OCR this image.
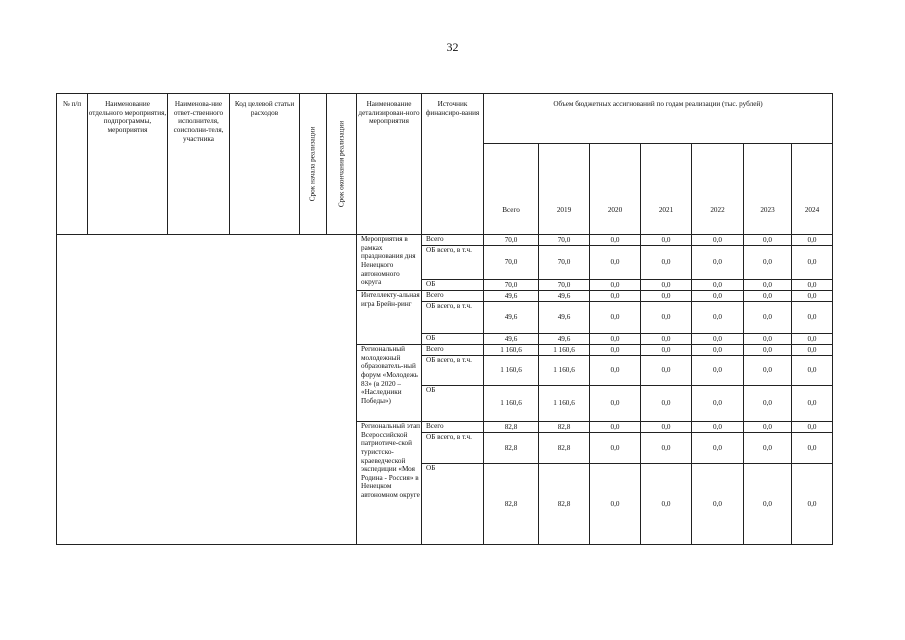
32
№ п/п	Наименование отдельного мероприятия, подпрограммы, мероприятия	Наименова-ние ответ-ственного исполнителя, соисполни-теля, участника	Код целевой статьи расходов	Срок начала реализации	Срок окончания реализации	Наименование детализирован-ного мероприятия	Источник финансиро-вания	Объем бюджетных ассигнований по годам реализации (тыс. рублей)						
								Всего	2019	2020	2021	2022	2023	2024
						Мероприятия в рамках празднования дня Ненецкого автономного округа	Всего	70,0	70,0	0,0	0,0	0,0	0,0	0,0
							ОБ всего, в т.ч.	70,0	70,0	0,0	0,0	0,0	0,0	0,0
							ОБ	70,0	70,0	0,0	0,0	0,0	0,0	0,0
						Интеллекту-альная игра Брейн-ринг	Всего	49,6	49,6	0,0	0,0	0,0	0,0	0,0
							ОБ всего, в т.ч.	49,6	49,6	0,0	0,0	0,0	0,0	0,0
							ОБ	49,6	49,6	0,0	0,0	0,0	0,0	0,0
						Региональный молодежный образователь-ный форум «Молодежь 83» (в 2020 – «Наследники Победы»)	Всего	1 160,6	1 160,6	0,0	0,0	0,0	0,0	0,0
							ОБ всего, в т.ч.	1 160,6	1 160,6	0,0	0,0	0,0	0,0	0,0
							ОБ	1 160,6	1 160,6	0,0	0,0	0,0	0,0	0,0
						Региональный этап Всероссийской патриотиче-ской туристско-краеведческой экспедиции «Моя Родина - Россия» в Ненецком автономном округе	Всего	82,8	82,8	0,0	0,0	0,0	0,0	0,0
							ОБ всего, в т.ч.	82,8	82,8	0,0	0,0	0,0	0,0	0,0
							ОБ	82,8	82,8	0,0	0,0	0,0	0,0	0,0
